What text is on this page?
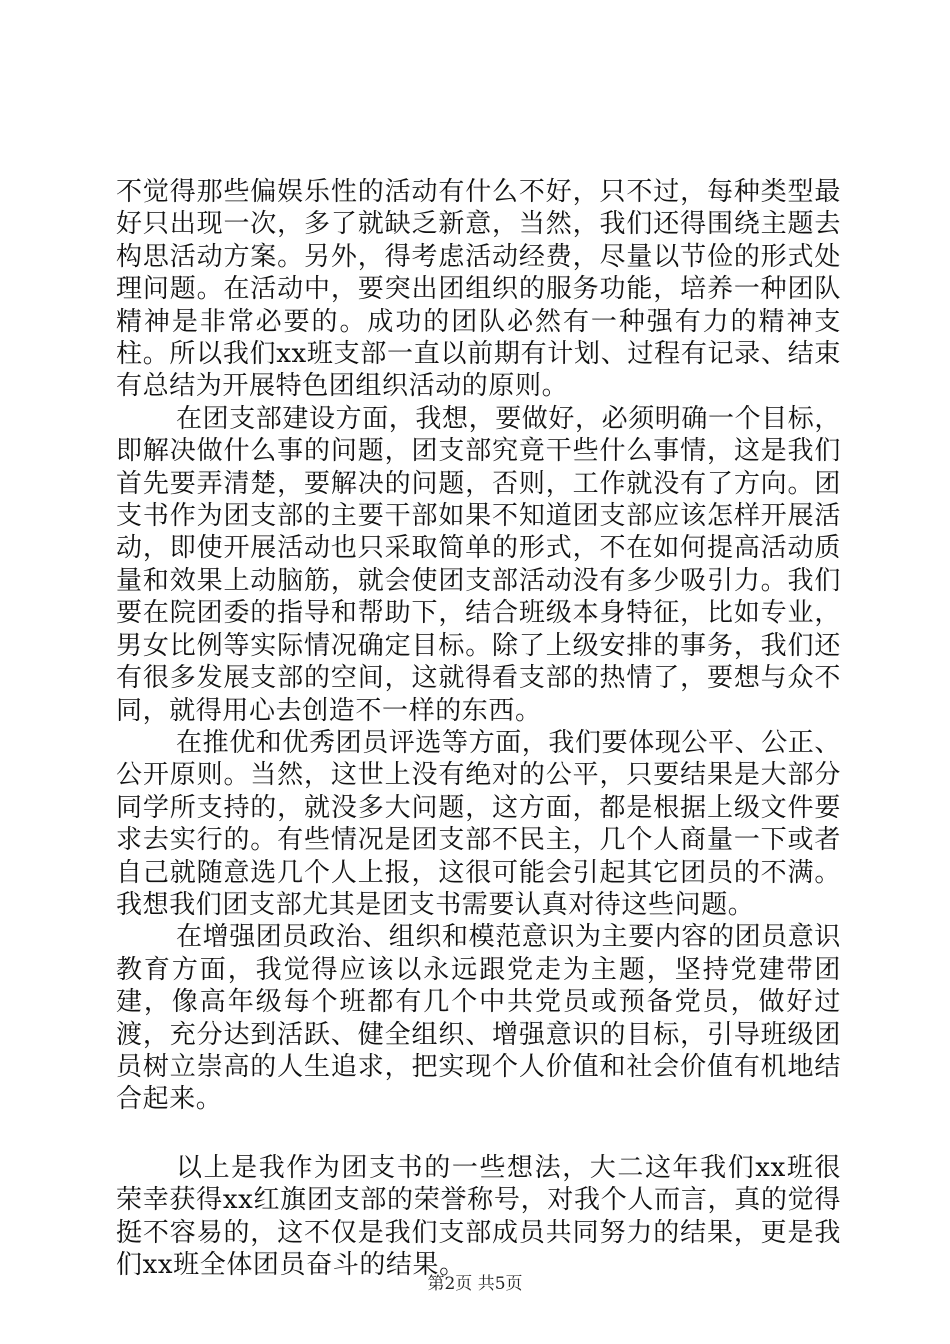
不觉得那些偏娱乐性的活动有什么不好，只不过，每种类型最好只出现一次，多了就缺乏新意，当然，我们还得围绕主题去构思活动方案。另外，得考虑活动经费，尽量以节俭的形式处理问题。在活动中，要突出团组织的服务功能，培养一种团队精神是非常必要的。成功的团队必然有一种强有力的精神支柱。所以我们xx班支部一直以前期有计划、过程有记录、结束有总结为开展特色团组织活动的原则。

在团支部建设方面，我想，要做好，必须明确一个目标，即解决做什么事的问题，团支部究竟干些什么事情，这是我们首先要弄清楚，要解决的问题，否则，工作就没有了方向。团支书作为团支部的主要干部如果不知道团支部应该怎样开展活动，即使开展活动也只采取简单的形式，不在如何提高活动质量和效果上动脑筋，就会使团支部活动没有多少吸引力。我们要在院团委的指导和帮助下，结合班级本身特征，比如专业，男女比例等实际情况确定目标。除了上级安排的事务，我们还有很多发展支部的空间，这就得看支部的热情了，要想与众不同，就得用心去创造不一样的东西。

在推优和优秀团员评选等方面，我们要体现公平、公正、公开原则。当然，这世上没有绝对的公平，只要结果是大部分同学所支持的，就没多大问题，这方面，都是根据上级文件要求去实行的。有些情况是团支部不民主，几个人商量一下或者自己就随意选几个人上报，这很可能会引起其它团员的不满。我想我们团支部尤其是团支书需要认真对待这些问题。

在增强团员政治、组织和模范意识为主要内容的团员意识教育方面，我觉得应该以永远跟党走为主题，坚持党建带团建，像高年级每个班都有几个中共党员或预备党员，做好过渡，充分达到活跃、健全组织、增强意识的目标，引导班级团员树立崇高的人生追求，把实现个人价值和社会价值有机地结合起来。

以上是我作为团支书的一些想法，大二这年我们xx班很荣幸获得xx红旗团支部的荣誉称号，对我个人而言，真的觉得挺不容易的，这不仅是我们支部成员共同努力的结果，更是我们xx班全体团员奋斗的结果。

第2页 共5页
